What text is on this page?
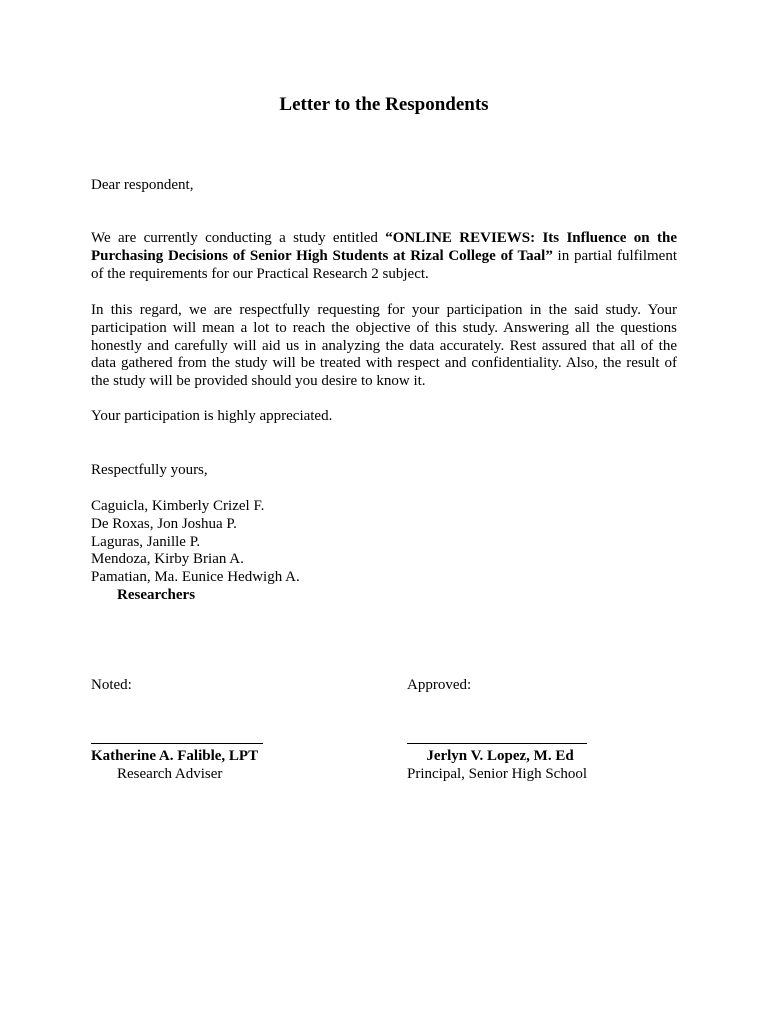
Letter to the Respondents

Dear respondent,

We are currently conducting a study entitled “ONLINE REVIEWS: Its Influence on the Purchasing Decisions of Senior High Students at Rizal College of Taal” in partial fulfilment of the requirements for our Practical Research 2 subject.

In this regard, we are respectfully requesting for your participation in the said study. Your participation will mean a lot to reach the objective of this study. Answering all the questions honestly and carefully will aid us in analyzing the data accurately. Rest assured that all of the data gathered from the study will be treated with respect and confidentiality. Also, the result of the study will be provided should you desire to know it.

Your participation is highly appreciated.

Respectfully yours,

Caguicla, Kimberly Crizel F.
De Roxas, Jon Joshua P.
Laguras, Janille P.
Mendoza, Kirby Brian A.
Pamatian, Ma. Eunice Hedwigh A.
Researchers
Noted:	Approved:
Katherine A. Falible, LPT	Jerlyn V. Lopez, M. Ed
Research Adviser	Principal, Senior High School
